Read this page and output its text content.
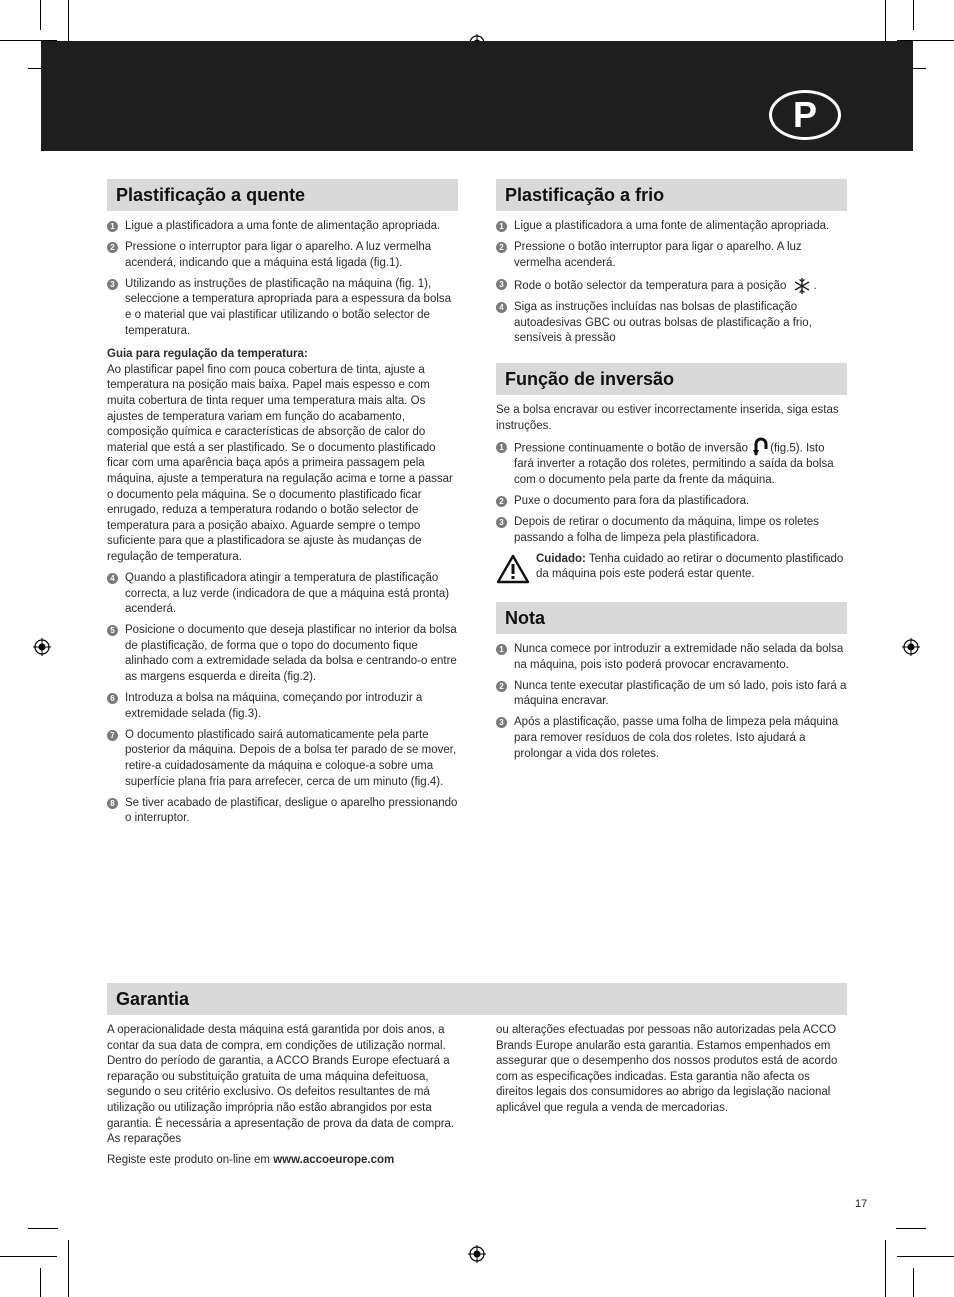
P
Plastificação a quente
1 Ligue a plastificadora a uma fonte de alimentação apropriada.
2 Pressione o interruptor para ligar o aparelho. A luz vermelha acenderá, indicando que a máquina está ligada (fig.1).
3 Utilizando as instruções de plastificação na máquina (fig. 1), seleccione a temperatura apropriada para a espessura da bolsa e o material que vai plastificar utilizando o botão selector de temperatura.
Guia para regulação da temperatura:
Ao plastificar papel fino com pouca cobertura de tinta, ajuste a temperatura na posição mais baixa. Papel mais espesso e com muita cobertura de tinta requer uma temperatura mais alta. Os ajustes de temperatura variam em função do acabamento, composição química e características de absorção de calor do material que está a ser plastificado. Se o documento plastificado ficar com uma aparência baça após a primeira passagem pela máquina, ajuste a temperatura na regulação acima e torne a passar o documento pela máquina. Se o documento plastificado ficar enrugado, reduza a temperatura rodando o botão selector de temperatura para a posição abaixo. Aguarde sempre o tempo suficiente para que a plastificadora se ajuste às mudanças de regulação de temperatura.
4 Quando a plastificadora atingir a temperatura de plastificação correcta, a luz verde (indicadora de que a máquina está pronta) acenderá.
5 Posicione o documento que deseja plastificar no interior da bolsa de plastificação, de forma que o topo do documento fique alinhado com a extremidade selada da bolsa e centrando-o entre as margens esquerda e direita (fig.2).
6 Introduza a bolsa na máquina, começando por introduzir a extremidade selada (fig.3).
7 O documento plastificado sairá automaticamente pela parte posterior da máquina. Depois de a bolsa ter parado de se mover, retire-a cuidadosamente da máquina e coloque-a sobre uma superfície plana fria para arrefecer, cerca de um minuto (fig.4).
8 Se tiver acabado de plastificar, desligue o aparelho pressionando o interruptor.
Plastificação a frio
1 Ligue a plastificadora a uma fonte de alimentação apropriada.
2 Pressione o botão interruptor para ligar o aparelho. A luz vermelha acenderá.
3 Rode o botão selector da temperatura para a posição .
4 Siga as instruções incluídas nas bolsas de plastificação autoadesivas GBC ou outras bolsas de plastificação a frio, sensíveis à pressão
Função de inversão
Se a bolsa encravar ou estiver incorrectamente inserida, siga estas instruções.
1 Pressione continuamente o botão de inversão (fig.5). Isto fará inverter a rotação dos roletes, permitindo a saída da bolsa com o documento pela parte da frente da máquina.
2 Puxe o documento para fora da plastificadora.
3 Depois de retirar o documento da máquina, limpe os roletes passando a folha de limpeza pela plastificadora.
Cuidado: Tenha cuidado ao retirar o documento plastificado da máquina pois este poderá estar quente.
Nota
1 Nunca comece por introduzir a extremidade não selada da bolsa na máquina, pois isto poderá provocar encravamento.
2 Nunca tente executar plastificação de um só lado, pois isto fará a máquina encravar.
3 Após a plastificação, passe uma folha de limpeza pela máquina para remover resíduos de cola dos roletes. Isto ajudará a prolongar a vida dos roletes.
Garantia
A operacionalidade desta máquina está garantida por dois anos, a contar da sua data de compra, em condições de utilização normal. Dentro do período de garantia, a ACCO Brands Europe efectuará a reparação ou substituição gratuita de uma máquina defeituosa, segundo o seu critério exclusivo. Os defeitos resultantes de má utilização ou utilização imprópria não estão abrangidos por esta garantia. É necessária a apresentação de prova da data de compra. As reparações
Registe este produto on-line em www.accoeurope.com
ou alterações efectuadas por pessoas não autorizadas pela ACCO Brands Europe anularão esta garantia. Estamos empenhados em assegurar que o desempenho dos nossos produtos está de acordo com as especificações indicadas. Esta garantia não afecta os direitos legais dos consumidores ao abrigo da legislação nacional aplicável que regula a venda de mercadorias.
17
